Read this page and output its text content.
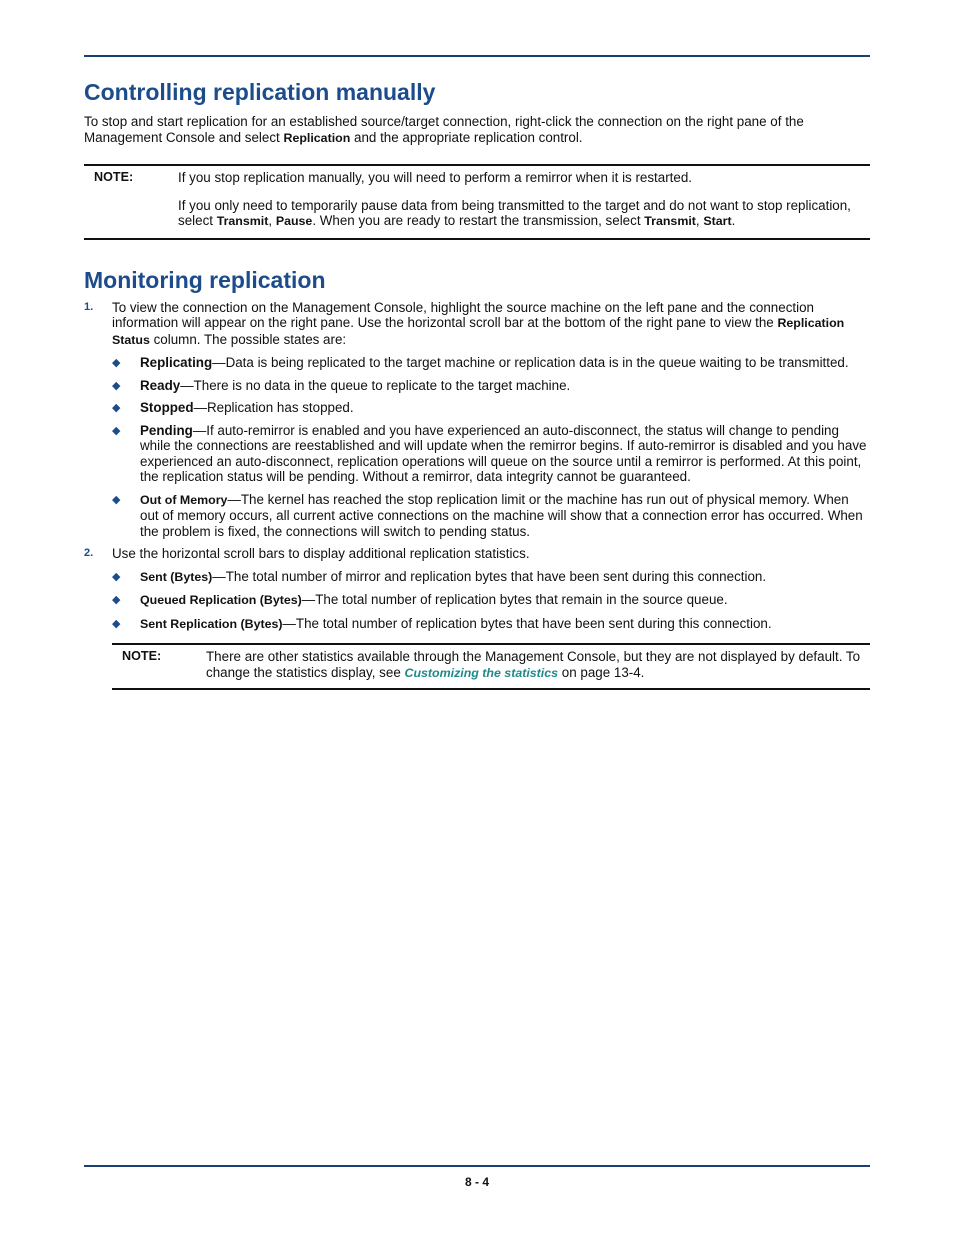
Controlling replication manually

To stop and start replication for an established source/target connection, right-click the connection on the right pane of the Management Console and select Replication and the appropriate replication control.

NOTE:	If you stop replication manually, you will need to perform a remirror when it is restarted.

If you only need to temporarily pause data from being transmitted to the target and do not want to stop replication, select Transmit, Pause. When you are ready to restart the transmission, select Transmit, Start.

Monitoring replication
1. To view the connection on the Management Console, highlight the source machine on the left pane and the connection information will appear on the right pane. Use the horizontal scroll bar at the bottom of the right pane to view the Replication Status column. The possible states are:
◆ Replicating—Data is being replicated to the target machine or replication data is in the queue waiting to be transmitted.
◆ Ready—There is no data in the queue to replicate to the target machine.
◆ Stopped—Replication has stopped.
◆ Pending—If auto-remirror is enabled and you have experienced an auto-disconnect, the status will change to pending while the connections are reestablished and will update when the remirror begins. If auto-remirror is disabled and you have experienced an auto-disconnect, replication operations will queue on the source until a remirror is performed. At this point, the replication status will be pending. Without a remirror, data integrity cannot be guaranteed.
◆ Out of Memory—The kernel has reached the stop replication limit or the machine has run out of physical memory. When out of memory occurs, all current active connections on the machine will show that a connection error has occurred. When the problem is fixed, the connections will switch to pending status.
2. Use the horizontal scroll bars to display additional replication statistics.
◆ Sent (Bytes)—The total number of mirror and replication bytes that have been sent during this connection.
◆ Queued Replication (Bytes)—The total number of replication bytes that remain in the source queue.
◆ Sent Replication (Bytes)—The total number of replication bytes that have been sent during this connection.
NOTE:	There are other statistics available through the Management Console, but they are not displayed by default. To change the statistics display, see Customizing the statistics on page 13-4.

8 - 4
